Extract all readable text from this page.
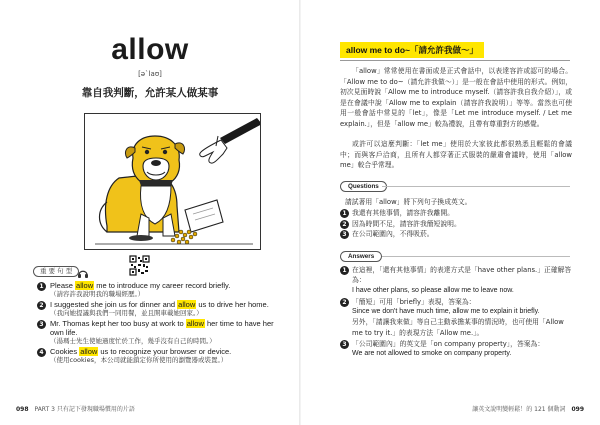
allow
[ə`laʊ]
靠自我判斷，允許某人做某事
重 要 句 型
1 Please allow me to introduce my career record briefly.
（請容許我說明我的職場經歷。）
2 I suggested she join us for dinner and allow us to drive her home.
（我向她提議與我們一同用餐，並且開車載她回家。）
3 Mr. Thomas kept her too busy at work to allow her time to have her own life.
（湯瑪士先生使她過度忙於工作，幾乎沒有自己的時間。）
4 Cookies allow us to recognize your browser or device.
（使用cookies，本公司就能鎖定你所使用的瀏覽器或裝置。）
098 PART 3 只有記下發現職場慣用的片語
allow me to do~「請允許我做～」
「allow」常常使用在書面或是正式會話中，以表達容許或認可的場合。「Allow me to do~（請允許我做～）」是一般在會話中使用的形式。例如，初次見面時說「Allow me to introduce myself.（請容許我自我介紹）」，或是在會議中說「Allow me to explain（請容許我說明）」等等。當然也可使用一般會話中常見的「let」，像是「Let me introduce myself. / Let me explain.」，但是「allow me」較為禮貌，且帶有尊重對方的感覺。
或許可以這麼判斷：「let me」使用於大家彼此都很熟悉且輕鬆的會議中；而與客戶洽商，且所有人都穿著正式服裝的嚴肅會議時，使用「allow me」較合乎常理。
Questions
請試著用「allow」將下列句子換成英文。
1 我還有其他事情，請容許我離開。
2 因為時間不足，請容許我簡短說明。
3 在公司範圍內，不得吸菸。
Answers
1 在這裡，「還有其他事情」的表達方式是「have other plans.」正確解答為：
I have other plans, so please allow me to leave now.
2 「簡短」可用「briefly」表現，答案為：
Since we don't have much time, allow me to explain it briefly.
另外，「請讓我來做」等自己主動承擔某事的情況時，也可使用「Allow me to try it.」的表現方法「Allow me.」。
3 「公司範圍內」的英文是「on company property」，答案為：
We are not allowed to smoke on company property.
讓英文說明變輕鬆！的 121 個動詞 099
